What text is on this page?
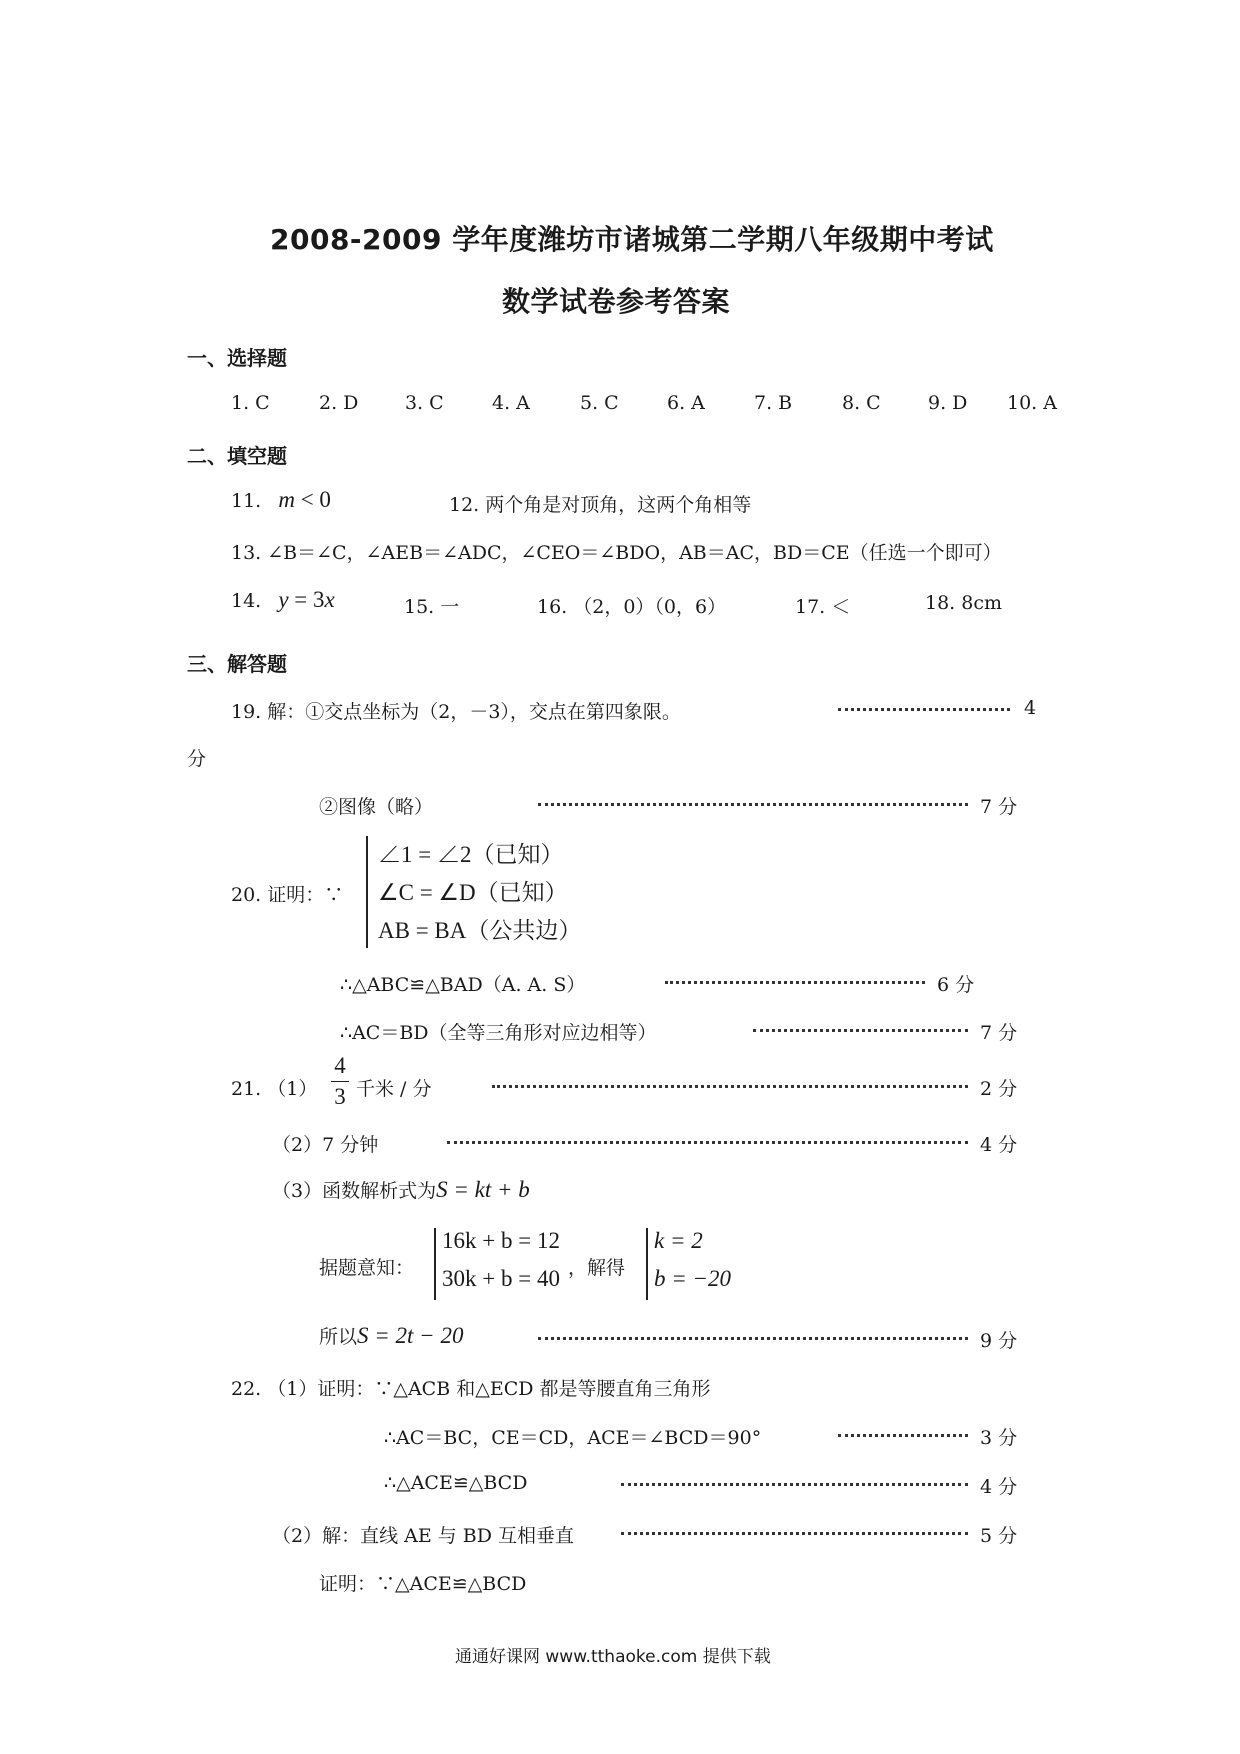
2008-2009 学年度潍坊市诸城第二学期八年级期中考试
数学试卷参考答案
一、选择题
1. C	2. D 3. C	4. A	5. C	6. A	7. B	8. C 9. D 10. A
二、填空题
11. m < 0	12. 两个角是对顶角，这两个角相等
13. ∠B＝∠C，∠AEB＝∠ADC，∠CEO＝∠BDO，AB＝AC，BD＝CE（任选一个即可）
14. y = 3x	15. 一	16. （2，0）（0，6）	17. ＜	18. 8cm
三、解答题
19. 解：①交点坐标为（2，－3），交点在第四象限。	4
分
②图像（略）	7 分
20. 证明：∵
∠1 = ∠2（已知）
∠C = ∠D（已知）
AB = BA（公共边）
∴△ABC≌△BAD（A. A. S）	6 分
∴AC＝BD（全等三角形对应边相等）	7 分
21. （1）
4
3 千米 / 分	2 分
（2）7 分钟	4 分
（3）函数解析式为S = kt + b
据题意知：
16k + b = 12
30k + b = 40 ，解得
k = 2
b = −20
所以S = 2t − 20	9 分
22. （1）证明：∵△ACB 和△ECD 都是等腰直角三角形
∴AC＝BC，CE＝CD，ACE＝∠BCD＝90°	3 分
∴△ACE≌△BCD	4 分
（2）解：直线 AE 与 BD 互相垂直	5 分
证明：∵△ACE≌△BCD
通通好课网 www.tthaoke.com 提供下载
